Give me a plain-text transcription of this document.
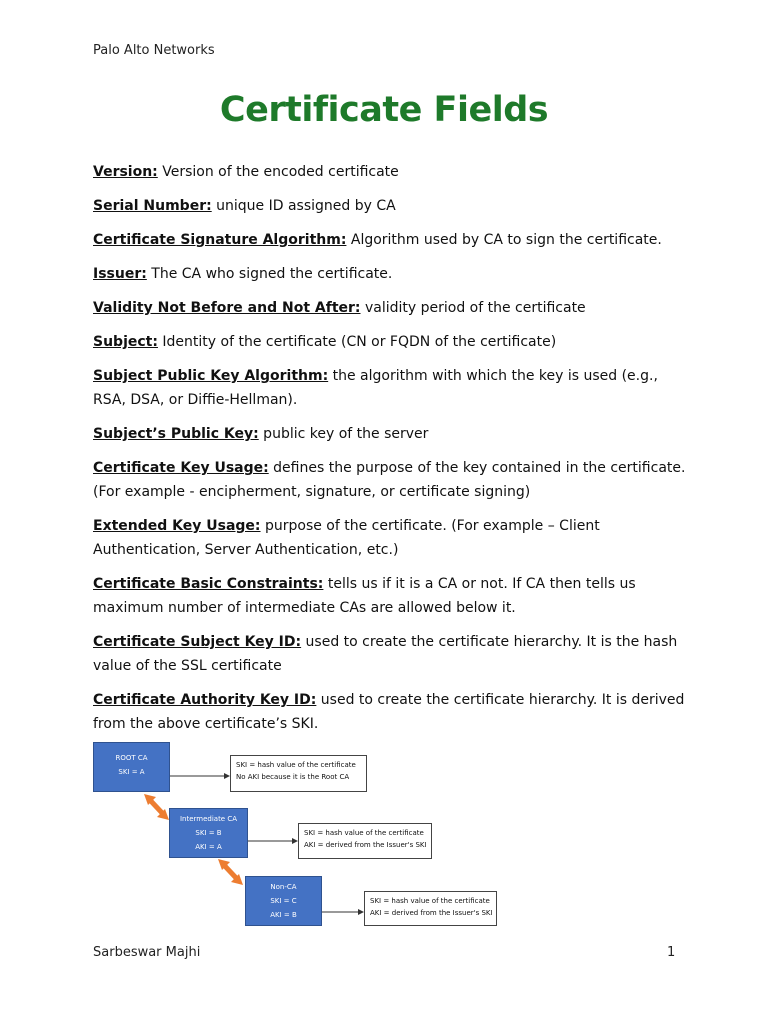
Palo Alto Networks
Certificate Fields

Version: Version of the encoded certificate

Serial Number: unique ID assigned by CA

Certificate Signature Algorithm: Algorithm used by CA to sign the certificate.

Issuer: The CA who signed the certificate.

Validity Not Before and Not After: validity period of the certificate

Subject: Identity of the certificate (CN or FQDN of the certificate)

Subject Public Key Algorithm: the algorithm with which the key is used (e.g., RSA, DSA, or Diffie-Hellman).

Subject’s Public Key: public key of the server

Certificate Key Usage: defines the purpose of the key contained in the certificate. (For example - encipherment, signature, or certificate signing)

Extended Key Usage: purpose of the certificate. (For example – Client Authentication, Server Authentication, etc.)

Certificate Basic Constraints: tells us if it is a CA or not. If CA then tells us maximum number of intermediate CAs are allowed below it.

Certificate Subject Key ID: used to create the certificate hierarchy. It is the hash value of the SSL certificate

Certificate Authority Key ID: used to create the certificate hierarchy. It is derived from the above certificate’s SKI.

ROOT CA
SKI = A
SKI = hash value of the certificate
No AKI because it is the Root CA
Intermediate CA
SKI = B
AKI = A
SKI = hash value of the certificate
AKI = derived from the Issuer's SKI
Non-CA
SKI = C
AKI = B
SKI = hash value of the certificate
AKI = derived from the Issuer's SKI
Sarbeswar Majhi	1
